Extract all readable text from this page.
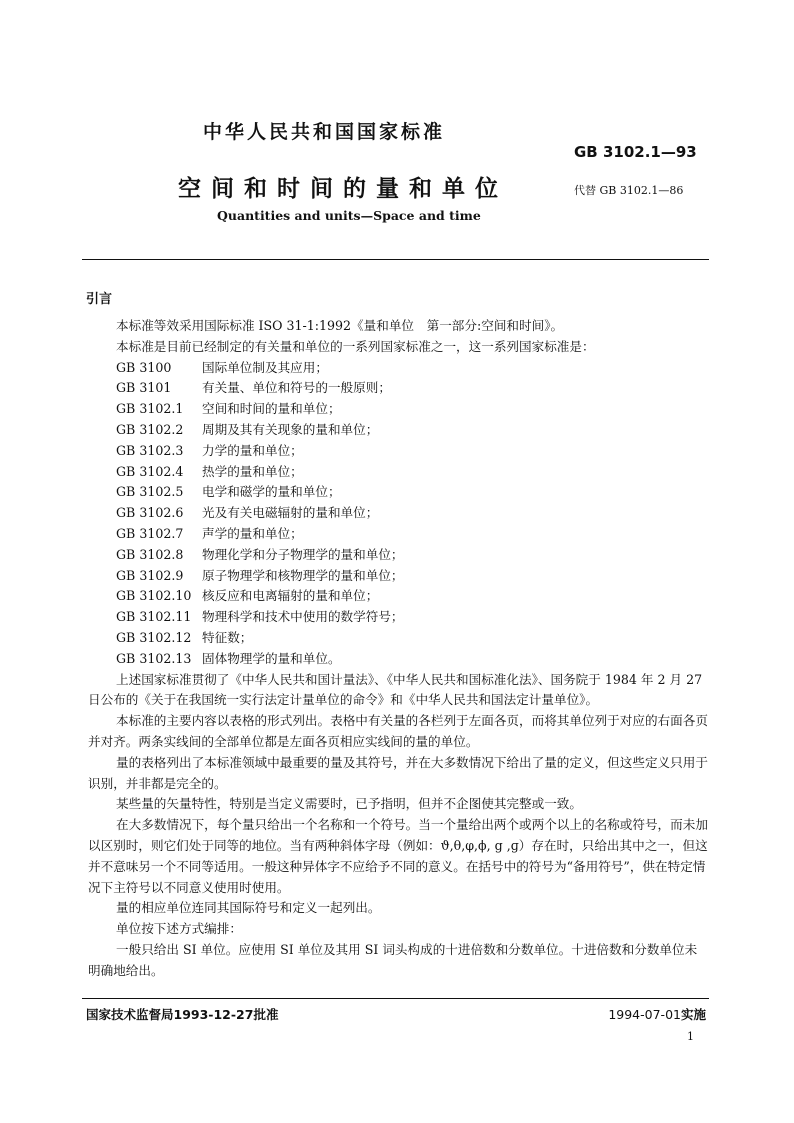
中华人民共和国国家标准
GB 3102.1—93
空间和时间的量和单位	代替 GB 3102.1—86
Quantities and units—Space and time
引言

本标准等效采用国际标准 ISO 31-1:1992《量和单位　第一部分:空间和时间》。

本标准是目前已经制定的有关量和单位的一系列国家标准之一，这一系列国家标准是：

GB 3100 国际单位制及其应用；

GB 3101 有关量、单位和符号的一般原则；

GB 3102.1 空间和时间的量和单位；

GB 3102.2 周期及其有关现象的量和单位；

GB 3102.3 力学的量和单位；

GB 3102.4 热学的量和单位；

GB 3102.5 电学和磁学的量和单位；

GB 3102.6 光及有关电磁辐射的量和单位；

GB 3102.7 声学的量和单位；

GB 3102.8 物理化学和分子物理学的量和单位；

GB 3102.9 原子物理学和核物理学的量和单位；

GB 3102.10 核反应和电离辐射的量和单位；

GB 3102.11 物理科学和技术中使用的数学符号；

GB 3102.12 特征数；

GB 3102.13 固体物理学的量和单位。

上述国家标准贯彻了《中华人民共和国计量法》、《中华人民共和国标准化法》、国务院于 1984 年 2 月 27 日公布的《关于在我国统一实行法定计量单位的命令》和《中华人民共和国法定计量单位》。

本标准的主要内容以表格的形式列出。表格中有关量的各栏列于左面各页，而将其单位列于对应的右面各页并对齐。两条实线间的全部单位都是左面各页相应实线间的量的单位。

量的表格列出了本标准领域中最重要的量及其符号，并在大多数情况下给出了量的定义，但这些定义只用于识别，并非都是完全的。

某些量的矢量特性，特别是当定义需要时，已予指明，但并不企图使其完整或一致。

在大多数情况下，每个量只给出一个名称和一个符号。当一个量给出两个或两个以上的名称或符号，而未加以区别时，则它们处于同等的地位。当有两种斜体字母（例如：ϑ,θ,φ,ϕ, g ,ɡ）存在时，只给出其中之一，但这并不意味另一个不同等适用。一般这种异体字不应给予不同的意义。在括号中的符号为“备用符号”，供在特定情况下主符号以不同意义使用时使用。

量的相应单位连同其国际符号和定义一起列出。

单位按下述方式编排：

一般只给出 SI 单位。应使用 SI 单位及其用 SI 词头构成的十进倍数和分数单位。十进倍数和分数单位未明确地给出。

国家技术监督局1993-12-27批准	1994-07-01实施
1
